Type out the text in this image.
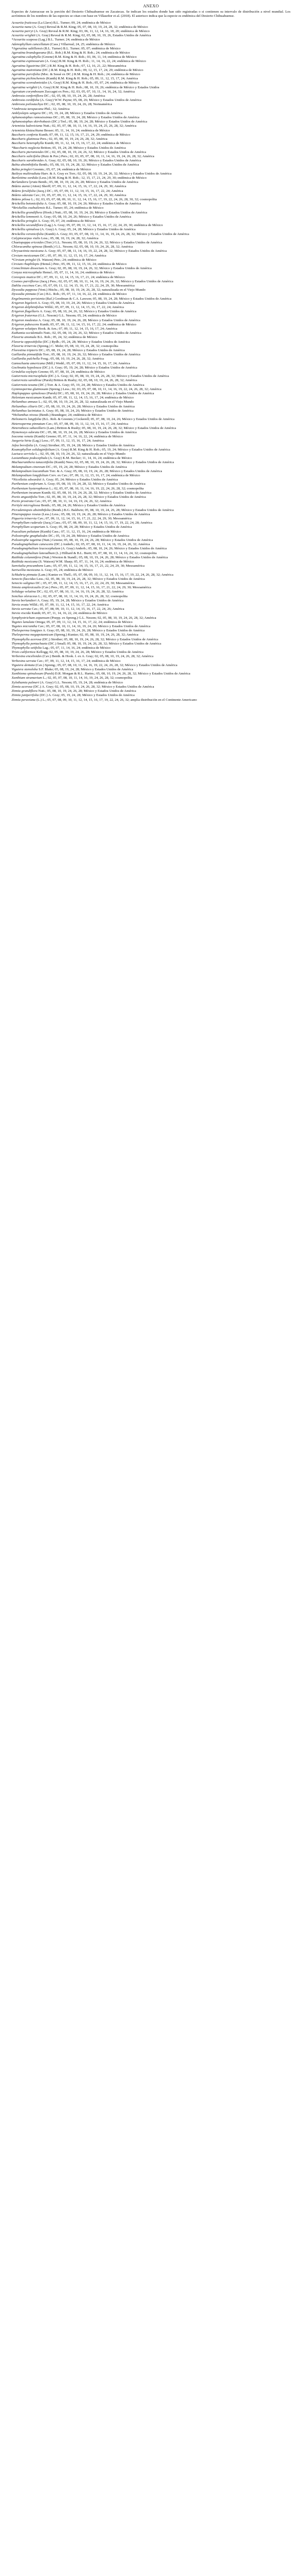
ANEXO

Especies de Asteraceae en la porción del Desierto Chihuahuense en Zacatecas. Se indican los estados donde han sido registradas o si contienen su intervalo de distribución a nivel mundial. Los acrónimos de los nombres de las especies se citan con base en Villaseñor et al. (2018). El asterisco indica que la especie es endémica del Desierto Chihuahuense.

Acourtia fruticosa (La Llave) B.L. Turner; 09, 24; endémica de México

Acourtia nana (A. Gray) Reveal & R.M. King; 05, 07, 08, 10, 19, 24, 28, 32; endémica de México

Acourtia parryi (A. Gray) Reveal & R.M. King; 03, 06, 11, 12, 14, 16, 18, 20; endémica de México

Acourtia wrightii (A. Gray) Reveal & R.M. King; 02, 05, 08, 10, 19, 26, Estados Unidos de América

*Acourtia scaposa (Lag.) B.L. Turner; 24; endémica de México

Adenophyllum cancellatum (Cass.) Villarreal; 24, 25; endémica de México

*Ageratina saltillensis (B.L. Turner) B.L. Turner; 05, 07; endémica de México

Ageratina brandegeeana (B.L. Rob.) R.M. King & H. Rob.; 24; endémica de México

Ageratina calophylla (Greene) R.M. King & H. Rob.; 03, 06, 11, 14; endémica de México

Ageratina espinosarum (A. Gray) R.M. King & H. Rob.; 11, 14, 16, 22, 24; endémica de México

Ageratina ligustrina (DC.) R.M. King & H. Rob.; 07, 12, 16, 21, 22; Mesoamérica

Ageratina mairetiana (DC.) R.M. King & H. Rob.; 09, 12, 15, 17, 24, 29; endémica de México

Ageratina parvifolia (Moc. & Sessé ex DC.) R.M. King & H. Rob.; 24; endémica de México

Ageratina pichinchensis (Kunth) R.M. King & H. Rob.; 05, 09, 11, 12, 15, 17, 24; América

Ageratina scorodonioides (A. Gray) R.M. King & H. Rob.; 05, 07, 24; endémica de México

Ageratina wrightii (A. Gray) R.M. King & H. Rob.; 08, 10, 19, 26; endémica de México y Estados Unidos

Ageratum corymbosum Zuccagni ex Pers.; 02, 03, 05, 07, 10, 11, 14, 16, 24, 32; América

Ambrosia confertiflora DC.; 02, 05, 08, 10, 19, 24, 26, 28; América

Ambrosia cordifolia (A. Gray) W.W. Payne; 05, 08, 26; México y Estados Unidos de América

Ambrosia psilostachya DC.; 02, 05, 08, 10, 19, 24, 26, 28; Norteamérica

*Ambrosia tarapacana Phil.; 32; América

Amblyolepis setigera DC.; 05, 19, 24, 28; México y Estados Unidos de América

Aphanostephus ramosissimus DC.; 05, 08, 19, 24, 28; México y Estados Unidos de América

Aphanostephus skirrhobasis (DC.) Trel.; 05, 08, 19, 24, 28; México y Estados Unidos de América

Artemisia ludoviciana Nutt.; 02, 05, 07, 08, 10, 11, 14, 16, 19, 24, 25, 26, 28, 32; América

Artemisia klotzschiana Besser; 05, 11, 14, 16, 24; endémica de México

Baccharis conferta Kunth; 07, 09, 11, 12, 15, 16, 17, 21, 24, 29; endémica de México

Baccharis glutinosa Pers.; 02, 05, 08, 10, 19, 24, 26, 28, 32; América

Baccharis heterophylla Kunth; 09, 11, 12, 14, 15, 16, 17, 22, 24; endémica de México

*Baccharis neglecta Britton; 05, 19, 24, 28; México y Estados Unidos de América

Baccharis pteronioides DC.; 02, 05, 08, 10, 19, 24, 26, 32; México y Estados Unidos de América

Baccharis salicifolia (Ruiz & Pav.) Pers.; 02, 03, 05, 07, 08, 10, 11, 14, 16, 19, 24, 26, 28, 32; América

Baccharis sarothroides A. Gray; 02, 05, 08, 10, 19, 26; México y Estados Unidos de América

Bahia absinthifolia Benth.; 05, 08, 10, 19, 24, 28, 32; México y Estados Unidos de América

Bahia pringlei Greenm.; 05, 07, 24; endémica de México

Baileya multiradiata Harv. & A. Gray ex Torr.; 02, 05, 08, 10, 19, 24, 26, 32; México y Estados Unidos de América

Bartlettina sordida (Less.) R.M. King & H. Rob.; 12, 15, 17, 21, 24, 29, 30; endémica de México

Berlandiera lyrata Benth.; 05, 08, 10, 19, 24, 26, 28; México y Estados Unidos de América

Bidens aurea (Aiton) Sherff; 07, 09, 11, 12, 14, 15, 16, 17, 22, 24, 29, 30; América

Bidens ferulifolia (Jacq.) DC.; 05, 07, 09, 11, 12, 14, 15, 16, 17, 22, 24; América

Bidens odorata Cav.; 01, 05, 07, 09, 11, 12, 14, 15, 16, 17, 22, 24, 29, 30; América

Bidens pilosa L.; 02, 03, 05, 07, 08, 09, 10, 11, 12, 14, 15, 16, 17, 19, 22, 24, 26, 28, 30, 32; cosmopolita

Brickellia betonicifolia A. Gray; 05, 08, 10, 19, 24, 26; México y Estados Unidos de América

*Brickellia coahuilensis B.L. Turner; 05, 24; endémica de México

Brickellia grandiflora (Hook.) Nutt.; 05, 08, 10, 19, 24, 26; México y Estados Unidos de América

Brickellia lemmonii A. Gray; 05, 08, 10, 24, 26; México y Estados Unidos de América

Brickellia pringlei A. Gray; 05, 07, 24; endémica de México

Brickellia secundiflora (Lag.) A. Gray; 05, 07, 09, 11, 12, 14, 15, 16, 17, 22, 24, 29, 30; endémica de México

Brickellia spinulosa (A. Gray) A. Gray; 05, 24, 28; México y Estados Unidos de América

Brickellia veronicifolia (Kunth) A. Gray; 03, 05, 07, 08, 10, 11, 14, 16, 19, 24, 26, 28, 32; México y Estados Unidos de América

Calyptocarpus vialis Less.; 05, 08, 10, 19, 24, 28, 32; América

Chaetopappa ericoides (Torr.) G.L. Nesom; 05, 08, 10, 19, 24, 26, 32; México y Estados Unidos de América

Chloracantha spinosa (Benth.) G.L. Nesom; 02, 05, 08, 10, 19, 24, 26, 28, 32; América

Chrysactinia mexicana A. Gray; 05, 07, 08, 11, 14, 16, 19, 22, 24, 28, 32; México y Estados Unidos de América

Cirsium mexicanum DC.; 05, 07, 09, 11, 12, 15, 16, 17, 24; América

*Cirsium pringlei (S. Watson) Petr.; 24; endémica de México

Cirsium rhaphilepis (Hemsl.) Petr.; 05, 09, 11, 12, 15, 16, 24; endémica de México

Conoclinium dissectum A. Gray; 02, 05, 08, 10, 19, 24, 26, 32; México y Estados Unidos de América

Conyza microcephala Hemsl.; 05, 07, 11, 14, 16, 24; endémica de México

Coreopsis mutica DC.; 07, 09, 11, 12, 14, 15, 16, 17, 21, 24; endémica de México

Cosmos parviflorus (Jacq.) Pers.; 02, 05, 07, 08, 10, 11, 14, 16, 19, 24, 26, 32; México y Estados Unidos de América

Dahlia coccinea Cav.; 05, 07, 09, 11, 12, 14, 15, 16, 17, 21, 22, 24, 29, 30; Mesoamérica

Dyssodia papposa (Vent.) Hitchc.; 05, 08, 10, 19, 24, 26, 28, 32; naturalizada en el Viejo Mundo

Dyssodia pinnata (Cav.) B.L. Rob.; 05, 07, 11, 14, 16, 22, 24; endémica de México

Engelmannia peristenia (Raf.) Goodman & C.A. Lawson; 05, 08, 19, 24, 28; México y Estados Unidos de América

Erigeron bigelovii A. Gray; 05, 08, 10, 19, 24, 26; México y Estados Unidos de América

Erigeron delphinifolius Willd.; 05, 07, 09, 11, 12, 14, 15, 16, 17, 22, 24; América

Erigeron flagellaris A. Gray; 05, 08, 10, 24, 26, 32; México y Estados Unidos de América

Erigeron fraternus (G.L. Nesom) G.L. Nesom; 05, 24; endémica de México

Erigeron modestus A. Gray; 05, 08, 10, 19, 24, 26, 28; México y Estados Unidos de América

Erigeron pubescens Kunth; 05, 07, 09, 11, 12, 14, 15, 16, 17, 22, 24; endémica de México

Erigeron velutipes Hook. & Arn.; 07, 09, 11, 12, 14, 15, 16, 17, 24; América

Euthamia occidentalis Nutt.; 02, 05, 08, 10, 24, 26, 32; México y Estados Unidos de América

Flaveria anomala B.L. Rob.; 05, 24, 32; endémica de México

Flaveria oppositifolia (DC.) Rydb.; 05, 24, 28; México y Estados Unidos de América

Flaveria trinervia (Spreng.) C. Mohr; 05, 08, 10, 19, 24, 28, 32; cosmopolita

Florestina tripteris DC.; 05, 08, 19, 24, 28; México y Estados Unidos de América

Gaillardia pinnatifida Torr.; 05, 08, 10, 19, 24, 26, 32; México y Estados Unidos de América

Gaillardia pulchella Foug.; 05, 08, 10, 19, 24, 26, 28, 32; América

Gamochaeta americana (Mill.) Wedd.; 05, 07, 09, 11, 12, 14, 15, 16, 17, 24; América

Gochnatia hypoleuca (DC.) A. Gray; 05, 19, 24, 28; México y Estados Unidos de América

Grindelia oxylepis Greene; 05, 07, 08, 10, 24; endémica de México

Gutierrezia microcephala (DC.) A. Gray; 02, 05, 08, 10, 19, 24, 26, 28, 32; México y Estados Unidos de América

Gutierrezia sarothrae (Pursh) Britton & Rusby; 02, 05, 08, 10, 19, 24, 26, 28, 32; América

Gutierrezia texana (DC.) Torr. & A. Gray; 05, 19, 24, 28; México y Estados Unidos de América

Gymnosperma glutinosum (Spreng.) Less.; 02, 03, 05, 07, 08, 10, 11, 14, 16, 19, 22, 24, 26, 28, 32; América

Haplopappus spinulosus (Pursh) DC.; 05, 08, 10, 19, 24, 26, 28; México y Estados Unidos de América

Helenium mexicanum Kunth; 05, 07, 09, 11, 12, 14, 15, 16, 17, 24; endémica de México

Helianthus annuus L.; 02, 05, 08, 10, 19, 24, 26, 28, 32; naturalizada en el Viejo Mundo

Helianthus ciliaris DC.; 05, 08, 10, 19, 24, 26, 28; México y Estados Unidos de América

Helianthus laciniatus A. Gray; 05, 08, 10, 24, 26; México y Estados Unidos de América

*Helianthus niveus (Benth.) Brandegee; 24; endémica de México

Heliomeris longifolia (B.L. Rob. & Greenm.) Cockerell; 05, 07, 08, 10, 24, 26; México y Estados Unidos de América

Heterosperma pinnatum Cav.; 05, 07, 08, 09, 10, 11, 12, 14, 15, 16, 17, 24; América

Heterotheca subaxillaris (Lam.) Britton & Rusby; 05, 08, 10, 19, 24, 26, 28, 32; México y Estados Unidos de América

Hymenoxys odorata DC.; 05, 08, 10, 19, 24, 26, 28; México y Estados Unidos de América

Isocoma veneta (Kunth) Greene; 05, 07, 11, 14, 16, 22, 24; endémica de México

Jaegeria hirta (Lag.) Less.; 07, 09, 11, 12, 15, 16, 17, 24; América

Jefea brevifolia (A. Gray) Strother; 05, 19, 24, 28; México y Estados Unidos de América

Koanophyllon solidaginifolium (A. Gray) R.M. King & H. Rob.; 05, 19, 24; México y Estados Unidos de América

Lactuca serriola L.; 02, 05, 08, 10, 19, 24, 26, 32; naturalizada en el Viejo Mundo

Lasianthaea podocephala (A. Gray) K.M. Becker; 11, 14, 16, 24; endémica de México

Machaeranthera tanacetifolia (Kunth) Nees; 02, 05, 08, 10, 19, 24, 26, 28, 32; México y Estados Unidos de América

Melampodium cinereum DC.; 05, 19, 24, 28; México y Estados Unidos de América

Melampodium leucanthum Torr. & A. Gray; 05, 08, 10, 19, 24, 26, 28; México y Estados Unidos de América

Melampodium longifolium Cerv. ex Cav.; 07, 09, 11, 12, 15, 16, 17, 24; endémica de México

*Nicolletia edwardsii A. Gray; 05, 24; México y Estados Unidos de América

Parthenium confertum A. Gray; 05, 08, 10, 19, 24, 28, 32; México y Estados Unidos de América

Parthenium hysterophorus L.; 02, 05, 07, 08, 10, 11, 14, 16, 19, 22, 24, 26, 28, 32; cosmopolita

Parthenium incanum Kunth; 02, 05, 08, 10, 19, 24, 26, 28, 32; México y Estados Unidos de América

Pectis angustifolia Torr.; 02, 05, 08, 10, 19, 24, 26, 28, 32; México y Estados Unidos de América

Pectis prostrata Cav.; 05, 07, 08, 10, 11, 14, 16, 19, 24, 26, 32; América

Perityle microglossa Benth.; 05, 08, 24, 26; México y Estados Unidos de América

Picradeniopsis absinthifolia (Benth.) B.G. Baldwin; 05, 08, 10, 19, 24, 26, 28; México y Estados Unidos de América

Pinaropappus roseus (Less.) Less.; 05, 08, 10, 19, 24, 26, 28; México y Estados Unidos de América

Piqueria trinervia Cav.; 07, 09, 11, 12, 14, 15, 16, 17, 21, 22, 24, 29, 30; Mesoamérica

Porophyllum ruderale (Jacq.) Cass.; 05, 07, 08, 09, 10, 11, 12, 14, 15, 16, 17, 19, 22, 24, 28; América

Porophyllum scoparium A. Gray; 05, 08, 24, 28; México y Estados Unidos de América

Psacalium peltatum (Kunth) Cass.; 07, 11, 12, 15, 16, 24; endémica de México

Psilostrophe gnaphalodes DC.; 05, 19, 24, 28; México y Estados Unidos de América

Psilostrophe tagetina (Nutt.) Greene; 05, 08, 10, 19, 24, 26, 28; México y Estados Unidos de América

Pseudognaphalium canescens (DC.) Anderb.; 02, 05, 07, 08, 10, 11, 14, 16, 19, 24, 26, 32; América

Pseudognaphalium leucocephalum (A. Gray) Anderb.; 05, 08, 10, 24, 26; México y Estados Unidos de América

Pseudognaphalium luteoalbum (L.) Hilliard & B.L. Burtt; 05, 07, 08, 10, 11, 14, 16, 24, 32; cosmopolita

Ratibida columnifera (Nutt.) Wooton & Standl.; 05, 08, 10, 19, 24, 26, 28; México y Estados Unidos de América

Ratibida mexicana (S. Watson) W.M. Sharp; 05, 07, 11, 14, 16, 24; endémica de México

Sanvitalia procumbens Lam.; 05, 07, 09, 11, 12, 14, 15, 16, 17, 21, 22, 24, 29, 30; Mesoamérica

Sartwellia mexicana A. Gray; 05, 24; endémica de México

Schkuhria pinnata (Lam.) Kuntze ex Thell.; 05, 07, 08, 09, 10, 11, 12, 14, 15, 16, 17, 19, 22, 24, 26, 28, 32; América

Senecio flaccidus Less.; 02, 05, 08, 10, 19, 24, 26, 28, 32; México y Estados Unidos de América

Senecio salignus DC.; 05, 07, 09, 11, 12, 14, 15, 16, 17, 21, 22, 24, 29, 30; Mesoamérica

Simsia amplexicaulis (Cav.) Pers.; 05, 07, 09, 11, 12, 14, 15, 16, 17, 21, 22, 24, 29, 30; Mesoamérica

Solidago velutina DC.; 02, 05, 07, 08, 10, 11, 14, 16, 19, 24, 26, 28, 32; América

Sonchus oleraceus L.; 02, 05, 07, 08, 10, 11, 14, 16, 19, 24, 26, 28, 32; cosmopolita

Stevia berlandieri A. Gray; 05, 19, 24, 28; México y Estados Unidos de América

Stevia ovata Willd.; 05, 07, 09, 11, 12, 14, 15, 16, 17, 22, 24; América

Stevia serrata Cav.; 05, 07, 08, 09, 10, 11, 12, 14, 15, 16, 17, 22, 24, 26; América

Stevia viscida Kunth; 05, 07, 11, 14, 16, 22, 24; endémica de México

Symphyotrichum expansum (Poepp. ex Spreng.) G.L. Nesom; 02, 05, 08, 10, 19, 24, 26, 28, 32; América

Tagetes lunulata Ortega; 05, 07, 09, 11, 12, 14, 15, 16, 17, 22, 24; endémica de México

Tagetes micrantha Cav.; 05, 07, 08, 10, 11, 14, 16, 19, 24, 26; México y Estados Unidos de América

Thelesperma longipes A. Gray; 05, 08, 10, 19, 24, 26, 28; México y Estados Unidos de América

Thelesperma megapotamicum (Spreng.) Kuntze; 02, 05, 08, 10, 19, 24, 26, 28, 32; América

Thymophylla acerosa (DC.) Strother; 05, 08, 10, 19, 24, 26, 28, 32; México y Estados Unidos de América

Thymophylla pentachaeta (DC.) Small; 05, 08, 10, 19, 24, 26, 28, 32; México y Estados Unidos de América

Thymophylla setifolia Lag.; 05, 07, 11, 14, 16, 24; endémica de México

Trixis californica Kellogg; 02, 05, 08, 10, 19, 24, 26, 28; México y Estados Unidos de América

Verbesina encelioides (Cav.) Benth. & Hook. f. ex A. Gray; 02, 05, 08, 10, 19, 24, 26, 28, 32; América

Verbesina serrata Cav.; 07, 09, 11, 12, 14, 15, 16, 17, 24; endémica de México

Viguiera dentata (Cav.) Spreng.; 05, 07, 08, 10, 11, 14, 16, 19, 22, 24, 26, 28, 32; México y Estados Unidos de América

Viguiera stenoloba S.F. Blake; 05, 08, 19, 24, 28; México y Estados Unidos de América

Xanthisma spinulosum (Pursh) D.R. Morgan & R.L. Hartm.; 05, 08, 10, 19, 24, 26, 28, 32; México y Estados Unidos de América

Xanthium strumarium L.; 02, 05, 07, 08, 10, 11, 14, 16, 19, 24, 26, 28, 32; cosmopolita

Xylothamia palmeri (A. Gray) G.L. Nesom; 05, 19, 24, 28; endémica de México

Zinnia acerosa (DC.) A. Gray; 02, 05, 08, 10, 19, 24, 26, 28, 32; México y Estados Unidos de América

Zinnia grandiflora Nutt.; 05, 08, 10, 19, 24, 26, 28; México y Estados Unidos de América

Zinnia juniperifolia (DC.) A. Gray; 05, 19, 24, 28; México y Estados Unidos de América

Zinnia peruviana (L.) L.; 05, 07, 08, 09, 10, 11, 12, 14, 15, 16, 17, 19, 22, 24, 26, 32; amplia distribución en el Continente Americano
